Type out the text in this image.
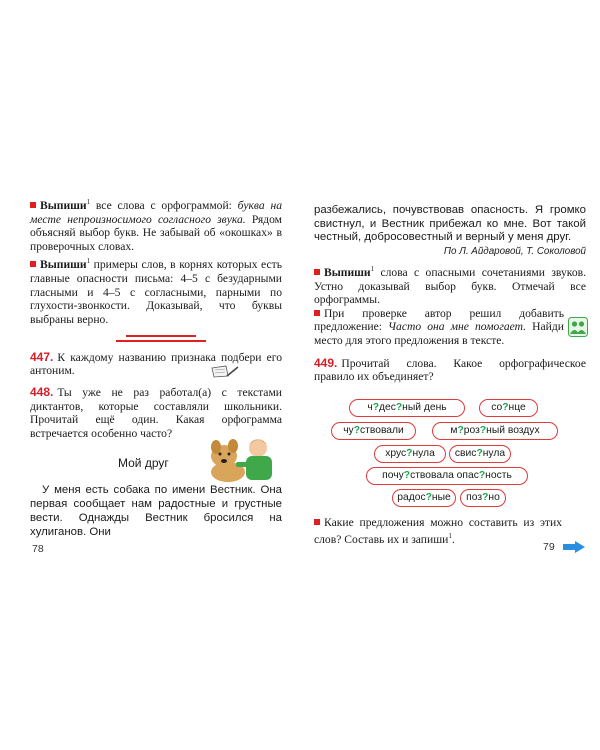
Выпиши$^1$ все слова с орфограммой: буква на месте непроизносимого согласного звука. Рядом объясняй выбор букв. Не забывай об «окошках» в проверочных словах.

Выпиши$^1$ примеры слов, в корнях которых есть главные опасности письма: 4–5 с безударными гласными и 4–5 с согласными, парными по глухости-звонкости. Доказывай, что буквы выбраны верно.

447. К каждому названию признака подбери его антоним.

448. Ты уже не раз работал(а) с текстами диктантов, которые составляли школьники. Прочитай ещё один. Какая орфограмма встречается особенно часто?

Мой друг

У меня есть собака по имени Вестник. Она первая сообщает нам радостные и грустные вести. Однажды Вестник бросился на хулиганов. Они

78

разбежались, почувствовав опасность. Я громко свистнул, и Вестник прибежал ко мне. Вот такой честный, добросовестный и верный у меня друг.

По Л. Айдаровой, Т. Соколовой

Выпиши$^1$ слова с опасными сочетаниями звуков. Устно доказывай выбор букв. Отмечай все орфограммы.

При проверке автор решил добавить предложение: Часто она мне помогает. Найди место для этого предложения в тексте.

449. Прочитай слова. Какое орфографическое правило их объединяет?

ч?дес?ный день	со?нце
чу?ствовали	м?роз?ный воздух
хрус?нула	свис?нула
почу?ствовала опас?ность
радос?ные	поз?но

Какие предложения можно составить из этих слов? Составь их и запиши$^1$.

79
